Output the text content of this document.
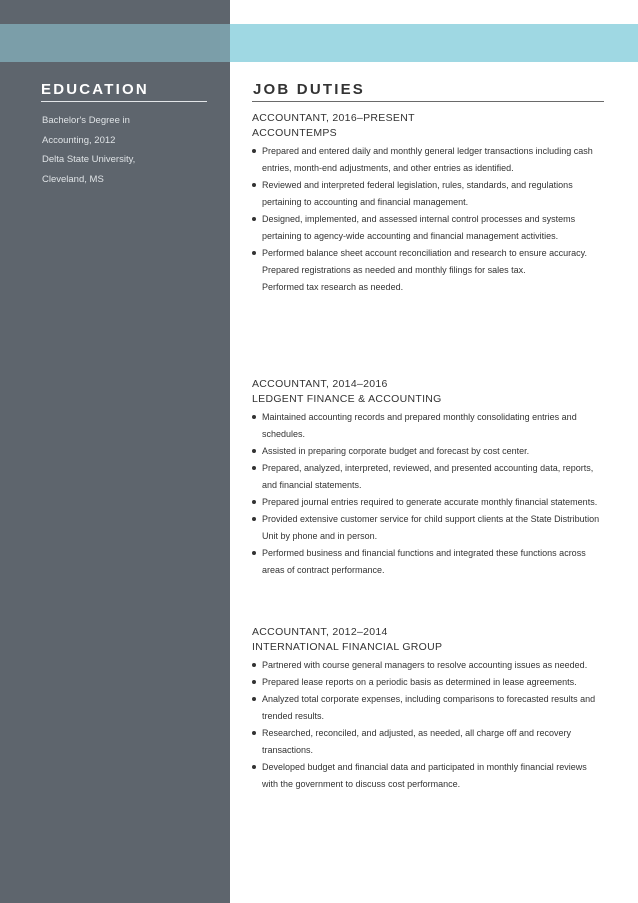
EDUCATION
Bachelor's Degree in
Accounting, 2012
Delta State University,
Cleveland, MS
JOB DUTIES
ACCOUNTANT, 2016–PRESENT
ACCOUNTEMPS
Prepared and entered daily and monthly general ledger transactions including cash entries, month-end adjustments, and other entries as identified.
Reviewed and interpreted federal legislation, rules, standards, and regulations pertaining to accounting and financial management.
Designed, implemented, and assessed internal control processes and systems pertaining to agency-wide accounting and financial management activities.
Performed balance sheet account reconciliation and research to ensure accuracy.
Prepared registrations as needed and monthly filings for sales tax.
Performed tax research as needed.
ACCOUNTANT, 2014–2016
LEDGENT FINANCE & ACCOUNTING
Maintained accounting records and prepared monthly consolidating entries and schedules.
Assisted in preparing corporate budget and forecast by cost center.
Prepared, analyzed, interpreted, reviewed, and presented accounting data, reports, and financial statements.
Prepared journal entries required to generate accurate monthly financial statements.
Provided extensive customer service for child support clients at the State Distribution Unit by phone and in person.
Performed business and financial functions and integrated these functions across areas of contract performance.
ACCOUNTANT, 2012–2014
INTERNATIONAL FINANCIAL GROUP
Partnered with course general managers to resolve accounting issues as needed.
Prepared lease reports on a periodic basis as determined in lease agreements.
Analyzed total corporate expenses, including comparisons to forecasted results and trended results.
Researched, reconciled, and adjusted, as needed, all charge off and recovery transactions.
Developed budget and financial data and participated in monthly financial reviews with the government to discuss cost performance.
